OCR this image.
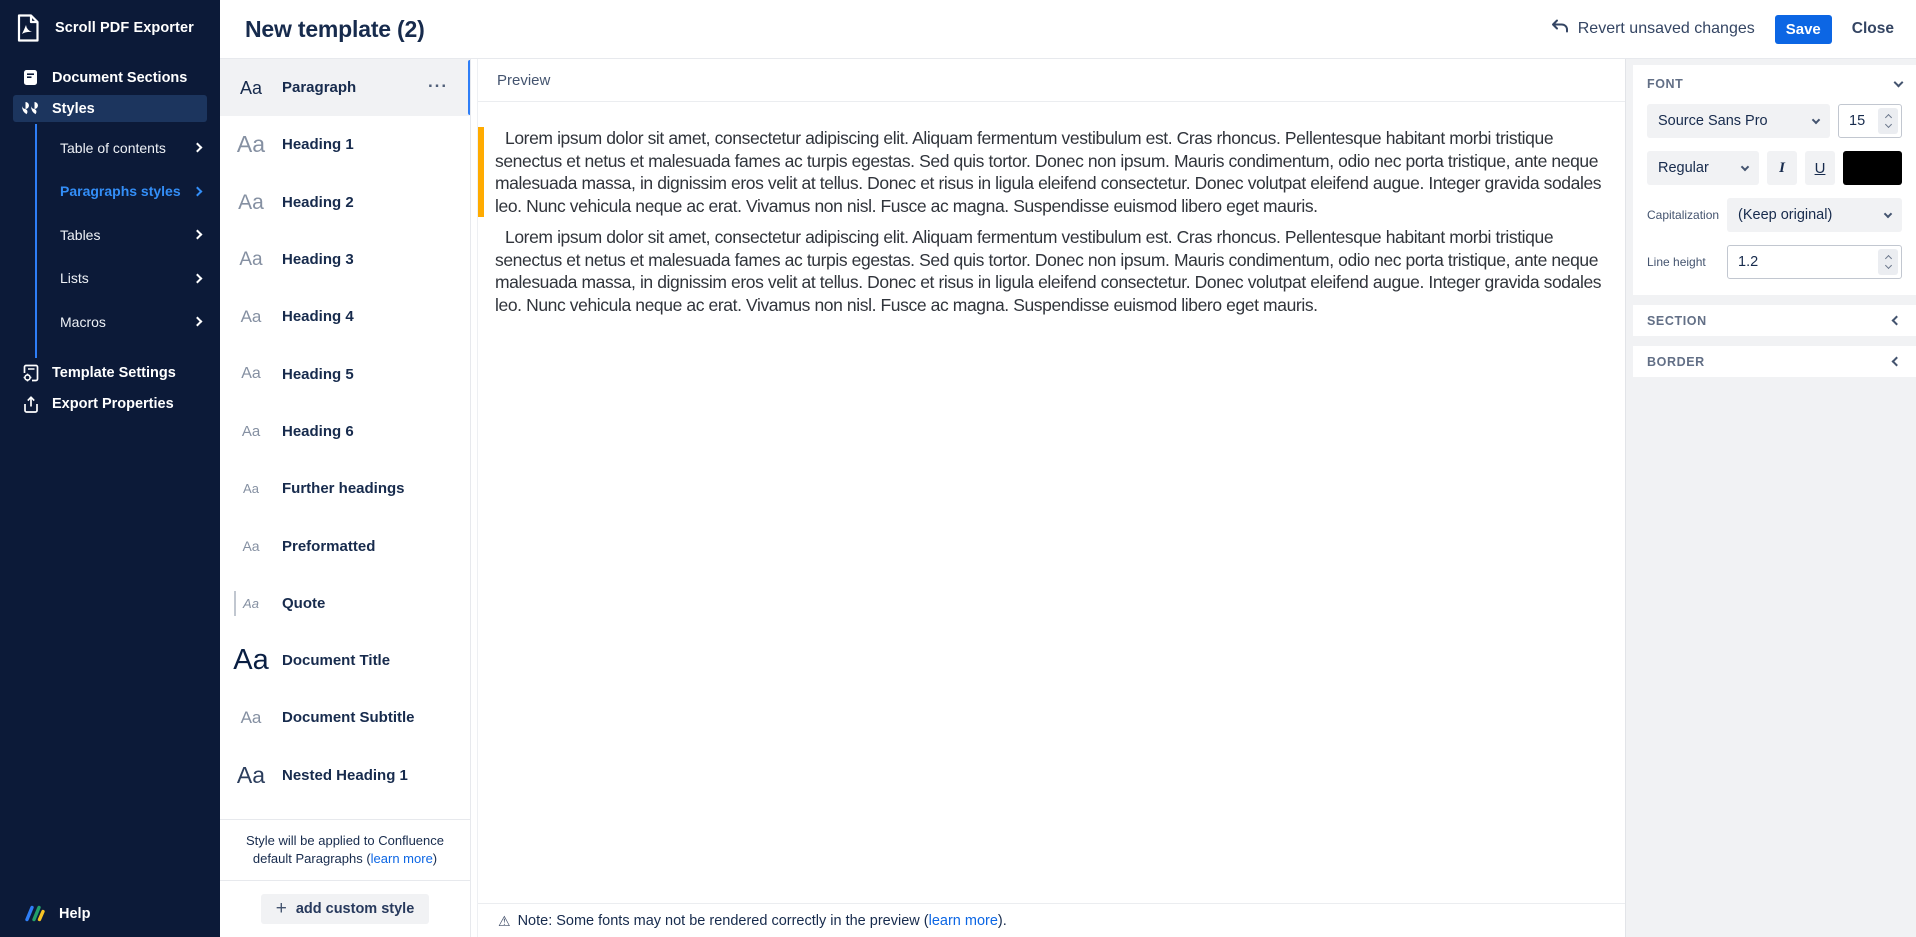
Scroll PDF Exporter
Document Sections
Styles
Table of contents
Paragraphs styles
Tables
Lists
Macros
Template Settings
Export Properties
Help
New template (2)	Revert unsaved changes	Save	Close
Aa Paragraph	···
Aa Heading 1
Aa Heading 2
Aa Heading 3
Aa Heading 4
Aa Heading 5
Aa Heading 6
Aa Further headings
Aa Preformatted
Aa Quote
Aa Document Title
Aa Document Subtitle
Aa Nested Heading 1
Style will be applied to Confluence default Paragraphs (learn more)
+ add custom style
Preview

Lorem ipsum dolor sit amet, consectetur adipiscing elit. Aliquam fermentum vestibulum est. Cras rhoncus. Pellentesque habitant morbi tristique senectus et netus et malesuada fames ac turpis egestas. Sed quis tortor. Donec non ipsum. Mauris condimentum, odio nec porta tristique, ante neque malesuada massa, in dignissim eros velit at tellus. Donec et risus in ligula eleifend consectetur. Donec volutpat eleifend augue. Integer gravida sodales leo. Nunc vehicula neque ac erat. Vivamus non nisl. Fusce ac magna. Suspendisse euismod libero eget mauris.

Lorem ipsum dolor sit amet, consectetur adipiscing elit. Aliquam fermentum vestibulum est. Cras rhoncus. Pellentesque habitant morbi tristique senectus et netus et malesuada fames ac turpis egestas. Sed quis tortor. Donec non ipsum. Mauris condimentum, odio nec porta tristique, ante neque malesuada massa, in dignissim eros velit at tellus. Donec et risus in ligula eleifend consectetur. Donec volutpat eleifend augue. Integer gravida sodales leo. Nunc vehicula neque ac erat. Vivamus non nisl. Fusce ac magna. Suspendisse euismod libero eget mauris.

⚠ Note: Some fonts may not be rendered correctly in the preview (learn more).
FONT
Source Sans Pro	15
Regular	I	U
Capitalization (Keep original)
Line height	1.2
SECTION
BORDER
